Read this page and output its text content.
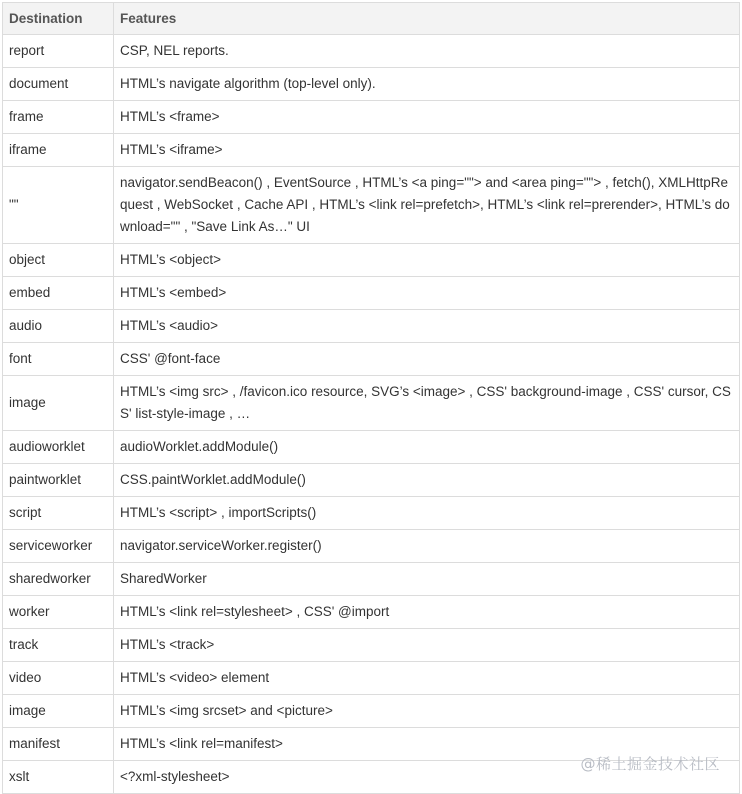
Destination	Features
report	CSP, NEL reports.
document	HTML’s navigate algorithm (top-level only).
frame	HTML’s <frame>
iframe	HTML’s <iframe>
""	navigator.sendBeacon() , EventSource , HTML’s <a ping=""> and <area ping=""> , fetch(), XMLHttpRequest , WebSocket , Cache API , HTML’s <link rel=prefetch>, HTML’s <link rel=prerender>, HTML’s download="" , "Save Link As…" UI
object	HTML’s <object>
embed	HTML’s <embed>
audio	HTML’s <audio>
font	CSS' @font-face
image	HTML’s <img src> , /favicon.ico resource, SVG’s <image> , CSS' background-image , CSS' cursor, CSS' list-style-image , …
audioworklet	audioWorklet.addModule()
paintworklet	CSS.paintWorklet.addModule()
script	HTML’s <script> , importScripts()
serviceworker	navigator.serviceWorker.register()
sharedworker	SharedWorker
worker	HTML’s <link rel=stylesheet> , CSS' @import
track	HTML’s <track>
video	HTML’s <video> element
image	HTML’s <img srcset> and <picture>
manifest	HTML’s <link rel=manifest>
xslt	<?xml-stylesheet>
@稀土掘金技术社区
